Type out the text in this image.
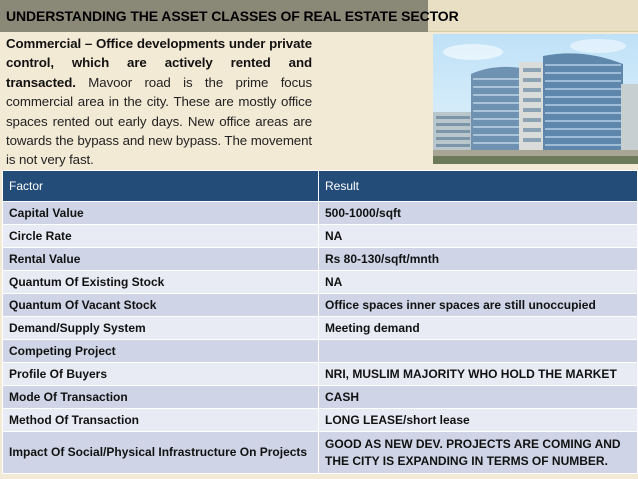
UNDERSTANDING THE ASSET CLASSES OF REAL ESTATE SECTOR
Commercial – Office developments under private control, which are actively rented and transacted. Mavoor road is the prime focus commercial area in the city. These are mostly office spaces rented out early days. New office areas are towards the bypass and new bypass. The movement is not very fast.
Factor	Result
Capital Value	500-1000/sqft
Circle Rate	NA
Rental Value	Rs 80-130/sqft/mnth
Quantum Of Existing Stock	NA
Quantum Of Vacant Stock	Office spaces inner spaces are still unoccupied
Demand/Supply System	Meeting demand
Competing Project	
Profile Of Buyers	NRI, MUSLIM MAJORITY WHO HOLD THE MARKET
Mode Of Transaction	CASH
Method Of Transaction	LONG LEASE/short lease
Impact Of Social/Physical Infrastructure On Projects	GOOD AS NEW DEV. PROJECTS ARE COMING AND THE CITY IS EXPANDING IN TERMS OF NUMBER.
